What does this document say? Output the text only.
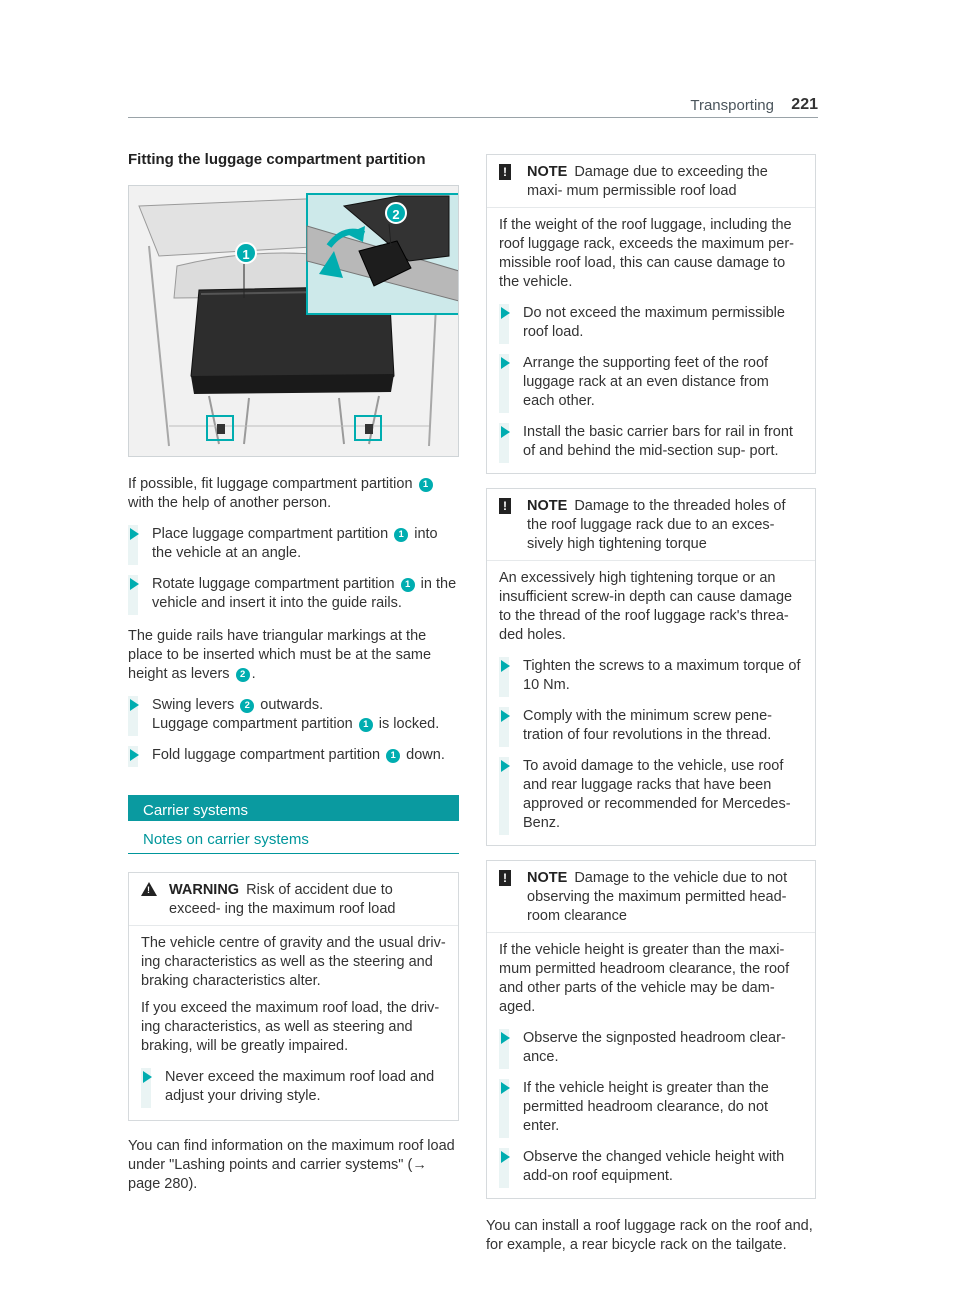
Transporting 221
Fitting the luggage compartment partition
1
2

If possible, fit luggage compartment partition 1 with the help of another person.

Place luggage compartment partition 1 into the vehicle at an angle.
Rotate luggage compartment partition 1 in the vehicle and insert it into the guide rails.

The guide rails have triangular markings at the place to be inserted which must be at the same height as levers 2 .

Swing levers 2 outwards.
Luggage compartment partition 1 is locked.
Fold luggage compartment partition 1 down.
Carrier systems
Notes on carrier systems
! WARNING Risk of accident due to exceed- ing the maximum roof load

The vehicle centre of gravity and the usual driv- ing characteristics as well as the steering and braking characteristics alter.

If you exceed the maximum roof load, the driv- ing characteristics, as well as steering and braking, will be greatly impaired.

Never exceed the maximum roof load and adjust your driving style.

You can find information on the maximum roof load under "Lashing points and carrier systems" (→ page 280).

! NOTE Damage due to exceeding the maxi- mum permissible roof load

If the weight of the roof luggage, including the roof luggage rack, exceeds the maximum per- missible roof load, this can cause damage to the vehicle.

Do not exceed the maximum permissible roof load.
Arrange the supporting feet of the roof luggage rack at an even distance from each other.
Install the basic carrier bars for rail in front of and behind the mid-section sup- port.
! NOTE Damage to the threaded holes of the roof luggage rack due to an exces- sively high tightening torque

An excessively high tightening torque or an insufficient screw-in depth can cause damage to the thread of the roof luggage rack's threa- ded holes.

Tighten the screws to a maximum torque of 10 Nm.
Comply with the minimum screw pene- tration of four revolutions in the thread.
To avoid damage to the vehicle, use roof and rear luggage racks that have been approved or recommended for Mercedes-Benz.
! NOTE Damage to the vehicle due to not observing the maximum permitted head- room clearance

If the vehicle height is greater than the maxi- mum permitted headroom clearance, the roof and other parts of the vehicle may be dam- aged.

Observe the signposted headroom clear- ance.
If the vehicle height is greater than the permitted headroom clearance, do not enter.
Observe the changed vehicle height with add-on roof equipment.

You can install a roof luggage rack on the roof and, for example, a rear bicycle rack on the tailgate.
